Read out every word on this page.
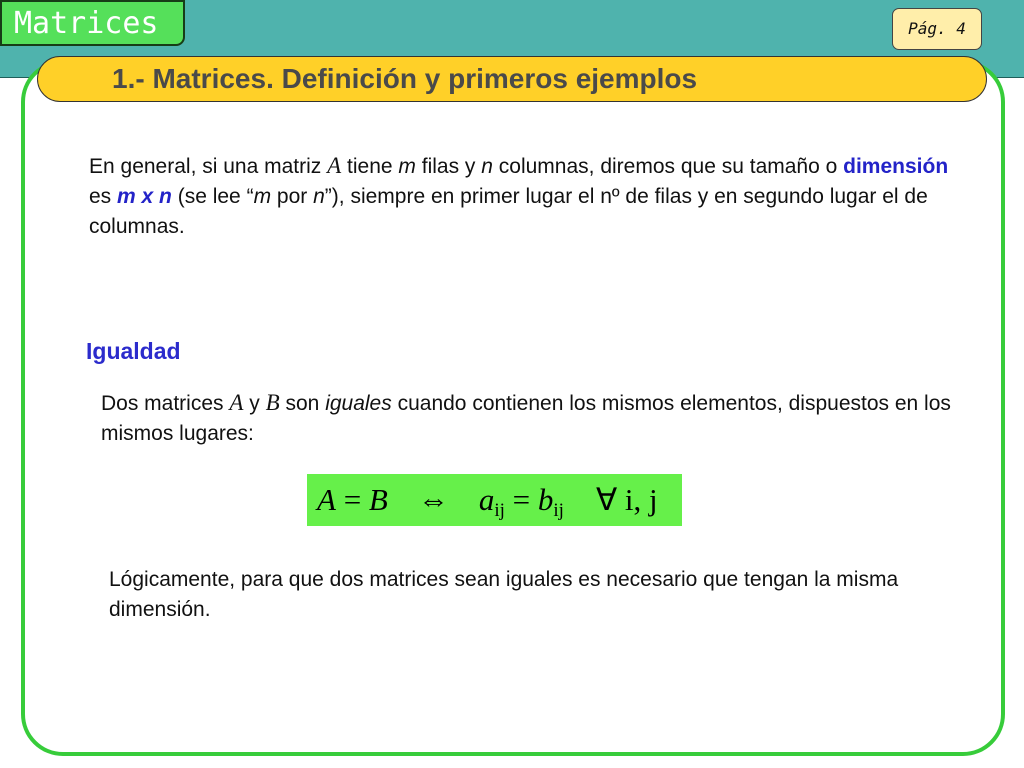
Matrices	Pág. 4
1.- Matrices. Definición y primeros ejemplos
En general, si una matriz A tiene m filas y n columnas, diremos que su tamaño o dimensión es m x n (se lee “m por n”), siempre en primer lugar el nº de filas y en segundo lugar el de columnas.
Igualdad
Dos matrices A y B son iguales cuando contienen los mismos elementos, dispuestos en los mismos lugares:
A = B ⇔ $a_{ij} = b_{ij}$ ∀ i, j
Lógicamente, para que dos matrices sean iguales es necesario que tengan la misma dimensión.
